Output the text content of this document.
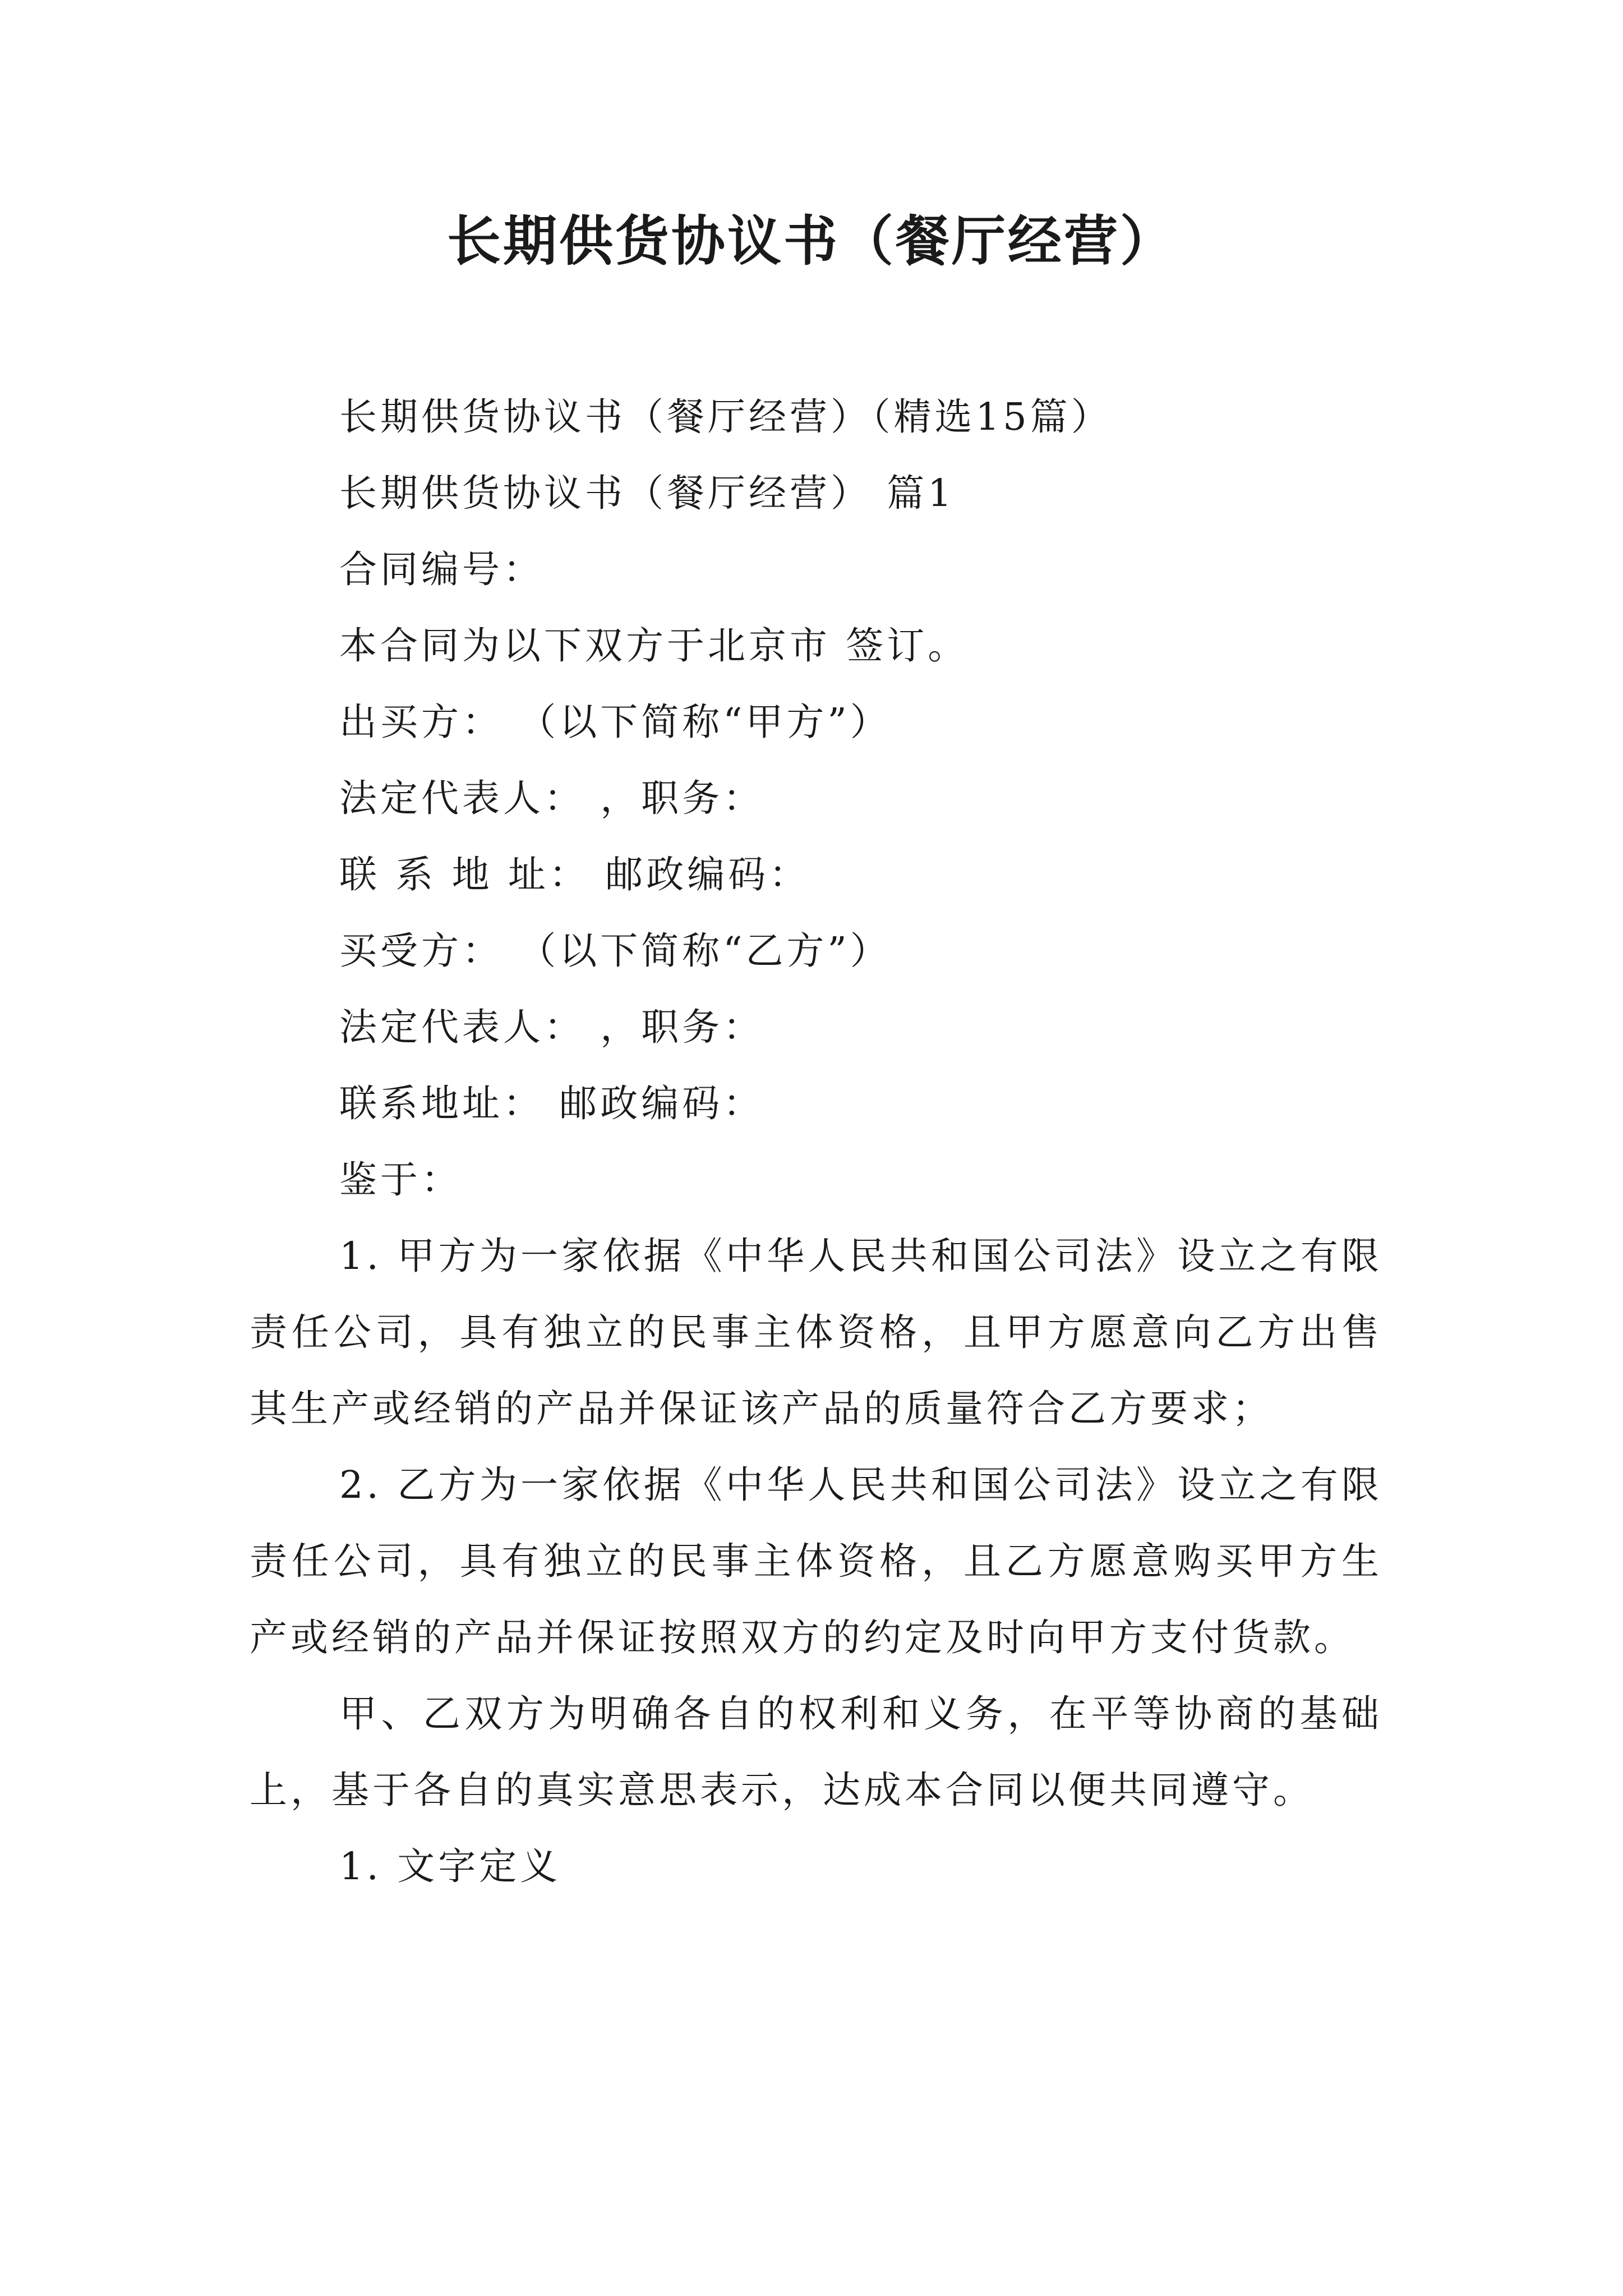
长期供货协议书（餐厅经营）

长期供货协议书（餐厅经营）（精选15篇）

长期供货协议书（餐厅经营） 篇1

合同编号：

本合同为以下双方于北京市 签订。

出买方： （以下简称“甲方”）

法定代表人： ，职务：

联 系 地 址： 邮政编码：

买受方： （以下简称“乙方”）

法定代表人： ，职务：

联系地址： 邮政编码：

鉴于：

1. 甲方为一家依据《中华人民共和国公司法》设立之有限责任公司，具有独立的民事主体资格，且甲方愿意向乙方出售其生产或经销的产品并保证该产品的质量符合乙方要求；

2. 乙方为一家依据《中华人民共和国公司法》设立之有限责任公司，具有独立的民事主体资格，且乙方愿意购买甲方生产或经销的产品并保证按照双方的约定及时向甲方支付货款。

甲、乙双方为明确各自的权利和义务，在平等协商的基础上，基于各自的真实意思表示，达成本合同以便共同遵守。

1. 文字定义
